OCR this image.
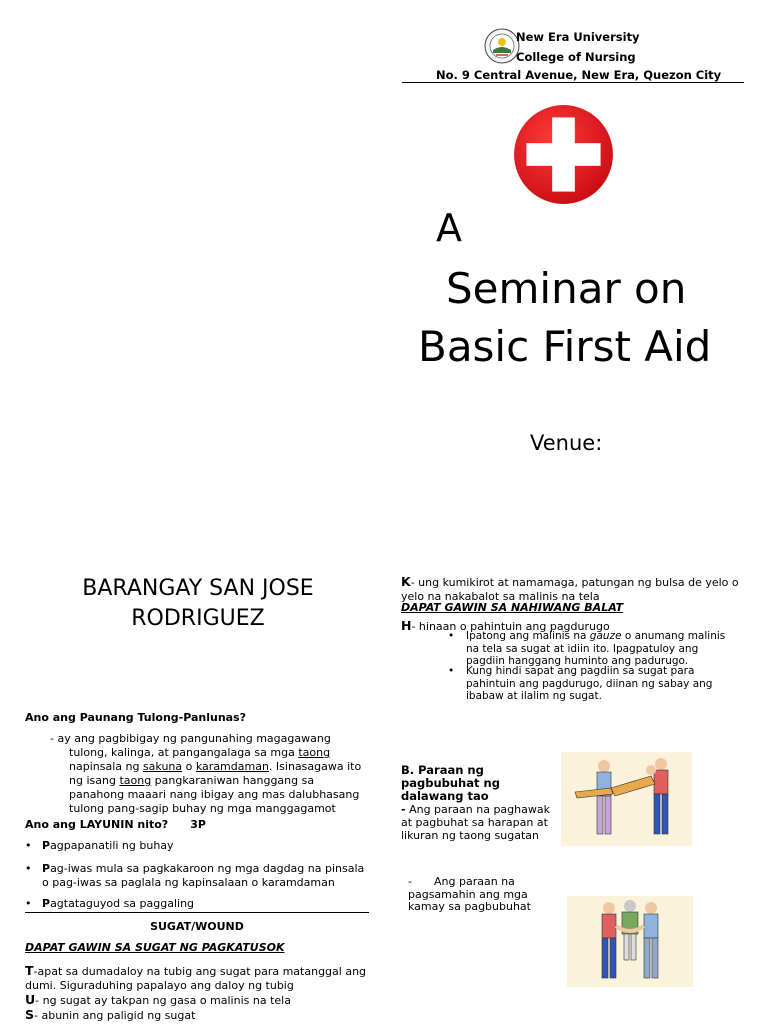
New Era University
College of Nursing
No. 9 Central Avenue, New Era, Quezon City
A
Seminar on
Basic First Aid
Venue:
BARANGAY SAN JOSE
RODRIGUEZ
Ano ang Paunang Tulong-Panlunas?

- ay ang pagbibigay ng pangunahing magagawang

tulong, kalinga, at pangangalaga sa mga taong

napinsala ng sakuna o karamdaman. Isinasagawa ito

ng isang taong pangkaraniwan hanggang sa

panahong maaari nang ibigay ang mas dalubhasang

tulong pang-sagip buhay ng mga manggagamot

Ano ang LAYUNIN nito? 3P
• Pagpapanatili ng buhay
• Pag-iwas mula sa pagkakaroon ng mga dagdag na pinsala o pag-iwas sa paglala ng kapinsalaan o karamdaman
• Pagtataguyod sa paggaling
SUGAT/WOUND
DAPAT GAWIN SA SUGAT NG PAGKATUSOK

T-apat sa dumadaloy na tubig ang sugat para matanggal ang dumi. Siguraduhing papalayo ang daloy ng tubig

U- ng sugat ay takpan ng gasa o malinis na tela

S- abunin ang paligid ng sugat

K- ung kumikirot at namamaga, patungan ng bulsa de yelo o yelo na nakabalot sa malinis na tela
DAPAT GAWIN SA NAHIWANG BALAT
H- hinaan o pahintuin ang pagdurugo
• Ipatong ang malinis na gauze o anumang malinis na tela sa sugat at idiin ito. Ipagpatuloy ang pagdiin hanggang huminto ang padurugo.
• Kung hindi sapat ang pagdiin sa sugat para pahintuin ang pagdurugo, diinan ng sabay ang ibabaw at ilalim ng sugat.
B. Paraan ng pagbubuhat ng dalawang tao
- Ang paraan na paghawak at pagbuhat sa harapan at likuran ng taong sugatan
- Ang paraan na
pagsamahin ang mga kamay sa pagbubuhat
